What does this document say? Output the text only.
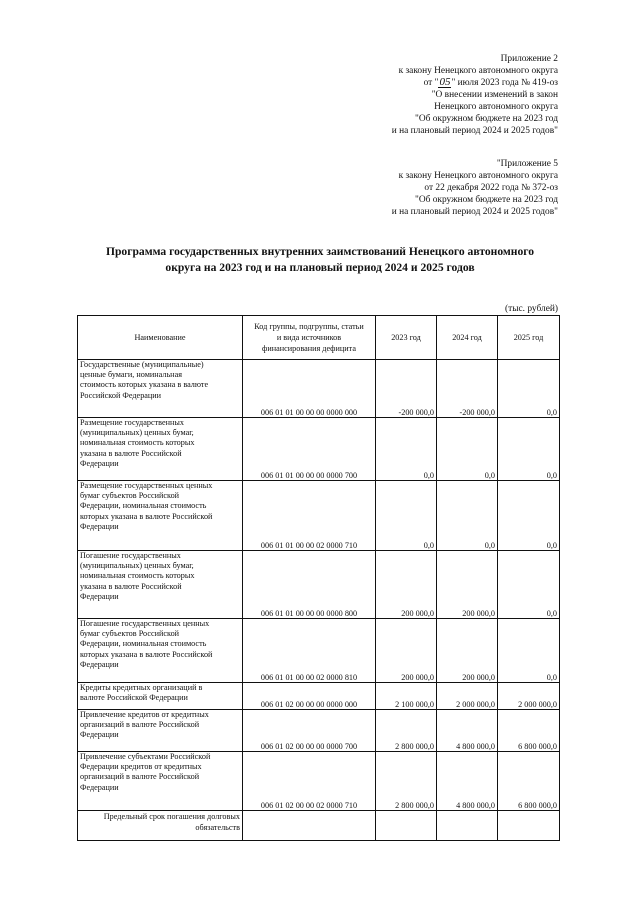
Приложение 2
к закону Ненецкого автономного округа
от "05" июля 2023 года № 419-оз
"О внесении изменений в закон
Ненецкого автономного округа
"Об окружном бюджете на 2023 год
и на плановый период 2024 и 2025 годов"
"Приложение 5
к закону Ненецкого автономного округа
от 22 декабря 2022 года № 372-оз
"Об окружном бюджете на 2023 год
и на плановый период 2024 и 2025 годов"
Программа государственных внутренних заимствований Ненецкого автономного
округа на 2023 год и на плановый период 2024 и 2025 годов
(тыс. рублей)
Наименование	Код группы, подгруппы, статьи
и вида источников
финансирования дефицита	2023 год	2024 год	2025 год

Государственные (муниципальные)
ценные бумаги, номинальная
стоимость которых указана в валюте
Российской Федерации	006 01 01 00 00 00 0000 000	-200 000,0	-200 000,0	0,0

Размещение государственных
(муниципальных) ценных бумаг,
номинальная стоимость которых
указана в валюте Российской
Федерации	006 01 01 00 00 00 0000 700	0,0	0,0	0,0

Размещение государственных ценных
бумаг субъектов Российской
Федерации, номинальная стоимость
которых указана в валюте Российской
Федерации	006 01 01 00 00 02 0000 710	0,0	0,0	0,0

Погашение государственных
(муниципальных) ценных бумаг,
номинальная стоимость которых
указана в валюте Российской
Федерации	006 01 01 00 00 00 0000 800	200 000,0	200 000,0	0,0

Погашение государственных ценных
бумаг субъектов Российской
Федерации, номинальная стоимость
которых указана в валюте Российской
Федерации	006 01 01 00 00 02 0000 810	200 000,0	200 000,0	0,0

Кредиты кредитных организаций в
валюте Российской Федерации	006 01 02 00 00 00 0000 000	2 100 000,0	2 000 000,0	2 000 000,0

Привлечение кредитов от кредитных
организаций в валюте Российской
Федерации	006 01 02 00 00 00 0000 700	2 800 000,0	4 800 000,0	6 800 000,0

Привлечение субъектами Российской
Федерации кредитов от кредитных
организаций в валюте Российской
Федерации	006 01 02 00 00 02 0000 710	2 800 000,0	4 800 000,0	6 800 000,0

Предельный срок погашения долговых
обязательств				
